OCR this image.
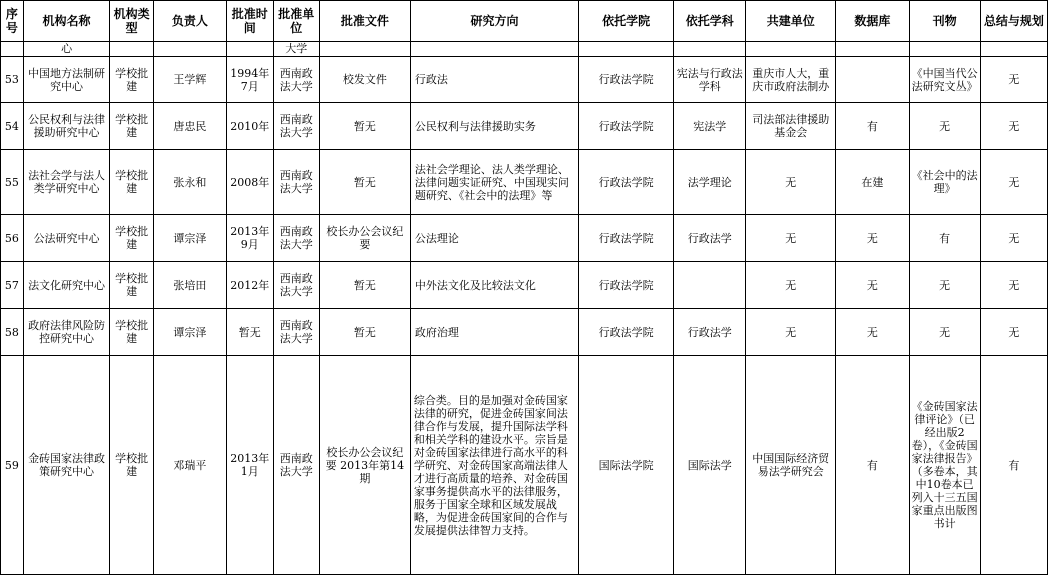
序号	机构名称	机构类型	负责人	批准时间	批准单位	批准文件	研究方向	依托学院	依托学科	共建单位	数据库	刊物	总结与规划
	心				大学								
53	中国地方法制研究中心	学校批建	王学辉	1994年7月	西南政法大学	校发文件	行政法	行政法学院	宪法与行政法学科	重庆市人大，重庆市政府法制办		《中国当代公法研究文丛》	无
54	公民权利与法律援助研究中心	学校批建	唐忠民	2010年	西南政法大学	暂无	公民权利与法律援助实务	行政法学院	宪法学	司法部法律援助基金会	有	无	无
55	法社会学与法人类学研究中心	学校批建	张永和	2008年	西南政法大学	暂无	法社会学理论、法人类学理论、法律问题实证研究、中国现实问题研究、《社会中的法理》等	行政法学院	法学理论	无	在建	《社会中的法理》	无
56	公法研究中心	学校批建	谭宗泽	2013年9月	西南政法大学	校长办公会议纪要	公法理论	行政法学院	行政法学	无	无	有	无
57	法文化研究中心	学校批建	张培田	2012年	西南政法大学	暂无	中外法文化及比较法文化	行政法学院		无	无	无	无
58	政府法律风险防控研究中心	学校批建	谭宗泽	暂无	西南政法大学	暂无	政府治理	行政法学院	行政法学	无	无	无	无
59	金砖国家法律政策研究中心	学校批建	邓瑞平	2013年1月	西南政法大学	校长办公会议纪要 2013年第14期	综合类。目的是加强对金砖国家法律的研究，促进金砖国家间法律合作与发展，提升国际法学科和相关学科的建设水平。宗旨是对金砖国家法律进行高水平的科学研究、对金砖国家高端法律人才进行高质量的培养、对金砖国家事务提供高水平的法律服务，服务于国家全球和区域发展战略，为促进金砖国家间的合作与发展提供法律智力支持。	国际法学院	国际法学	中国国际经济贸易法学研究会	有	《金砖国家法律评论》（已经出版2卷），《金砖国家法律报告》（多卷本，其中10卷本已列入十三五国家重点出版图书计	有
